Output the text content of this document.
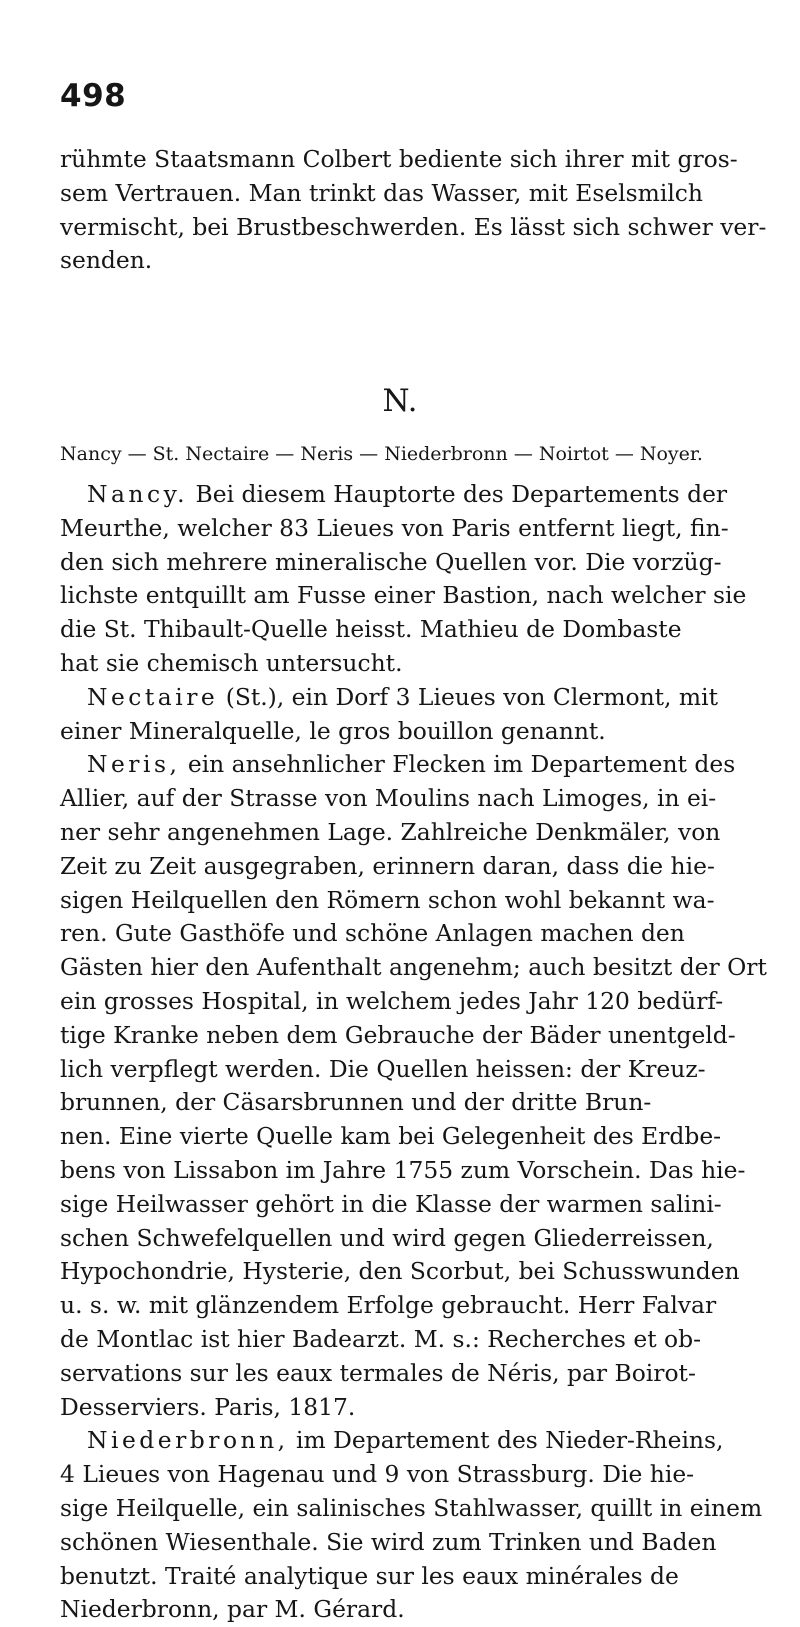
498
rühmte Staatsmann Colbert bediente sich ihrer mit gros-
sem Vertrauen. Man trinkt das Wasser, mit Eselsmilch
vermischt, bei Brustbeschwerden. Es lässt sich schwer ver-
senden.
N.
Nancy — St. Nectaire — Neris — Niederbronn — Noirtot — Noyer.
Nancy. Bei diesem Hauptorte des Departements der
Meurthe, welcher 83 Lieues von Paris entfernt liegt, fin-
den sich mehrere mineralische Quellen vor. Die vorzüg-
lichste entquillt am Fusse einer Bastion, nach welcher sie
die St. Thibault-Quelle heisst. Mathieu de Dombaste
hat sie chemisch untersucht.
Nectaire (St.), ein Dorf 3 Lieues von Clermont, mit
einer Mineralquelle, le gros bouillon genannt.
Neris, ein ansehnlicher Flecken im Departement des
Allier, auf der Strasse von Moulins nach Limoges, in ei-
ner sehr angenehmen Lage. Zahlreiche Denkmäler, von
Zeit zu Zeit ausgegraben, erinnern daran, dass die hie-
sigen Heilquellen den Römern schon wohl bekannt wa-
ren. Gute Gasthöfe und schöne Anlagen machen den
Gästen hier den Aufenthalt angenehm; auch besitzt der Ort
ein grosses Hospital, in welchem jedes Jahr 120 bedürf-
tige Kranke neben dem Gebrauche der Bäder unentgeld-
lich verpflegt werden. Die Quellen heissen: der Kreuz-
brunnen, der Cäsarsbrunnen und der dritte Brun-
nen. Eine vierte Quelle kam bei Gelegenheit des Erdbe-
bens von Lissabon im Jahre 1755 zum Vorschein. Das hie-
sige Heilwasser gehört in die Klasse der warmen salini-
schen Schwefelquellen und wird gegen Gliederreissen,
Hypochondrie, Hysterie, den Scorbut, bei Schusswunden
u. s. w. mit glänzendem Erfolge gebraucht. Herr Falvar
de Montlac ist hier Badearzt. M. s.: Recherches et ob-
servations sur les eaux termales de Néris, par Boirot-
Desserviers. Paris, 1817.
Niederbronn, im Departement des Nieder-Rheins,
4 Lieues von Hagenau und 9 von Strassburg. Die hie-
sige Heilquelle, ein salinisches Stahlwasser, quillt in einem
schönen Wiesenthale. Sie wird zum Trinken und Baden
benutzt. Traité analytique sur les eaux minérales de
Niederbronn, par M. Gérard.
